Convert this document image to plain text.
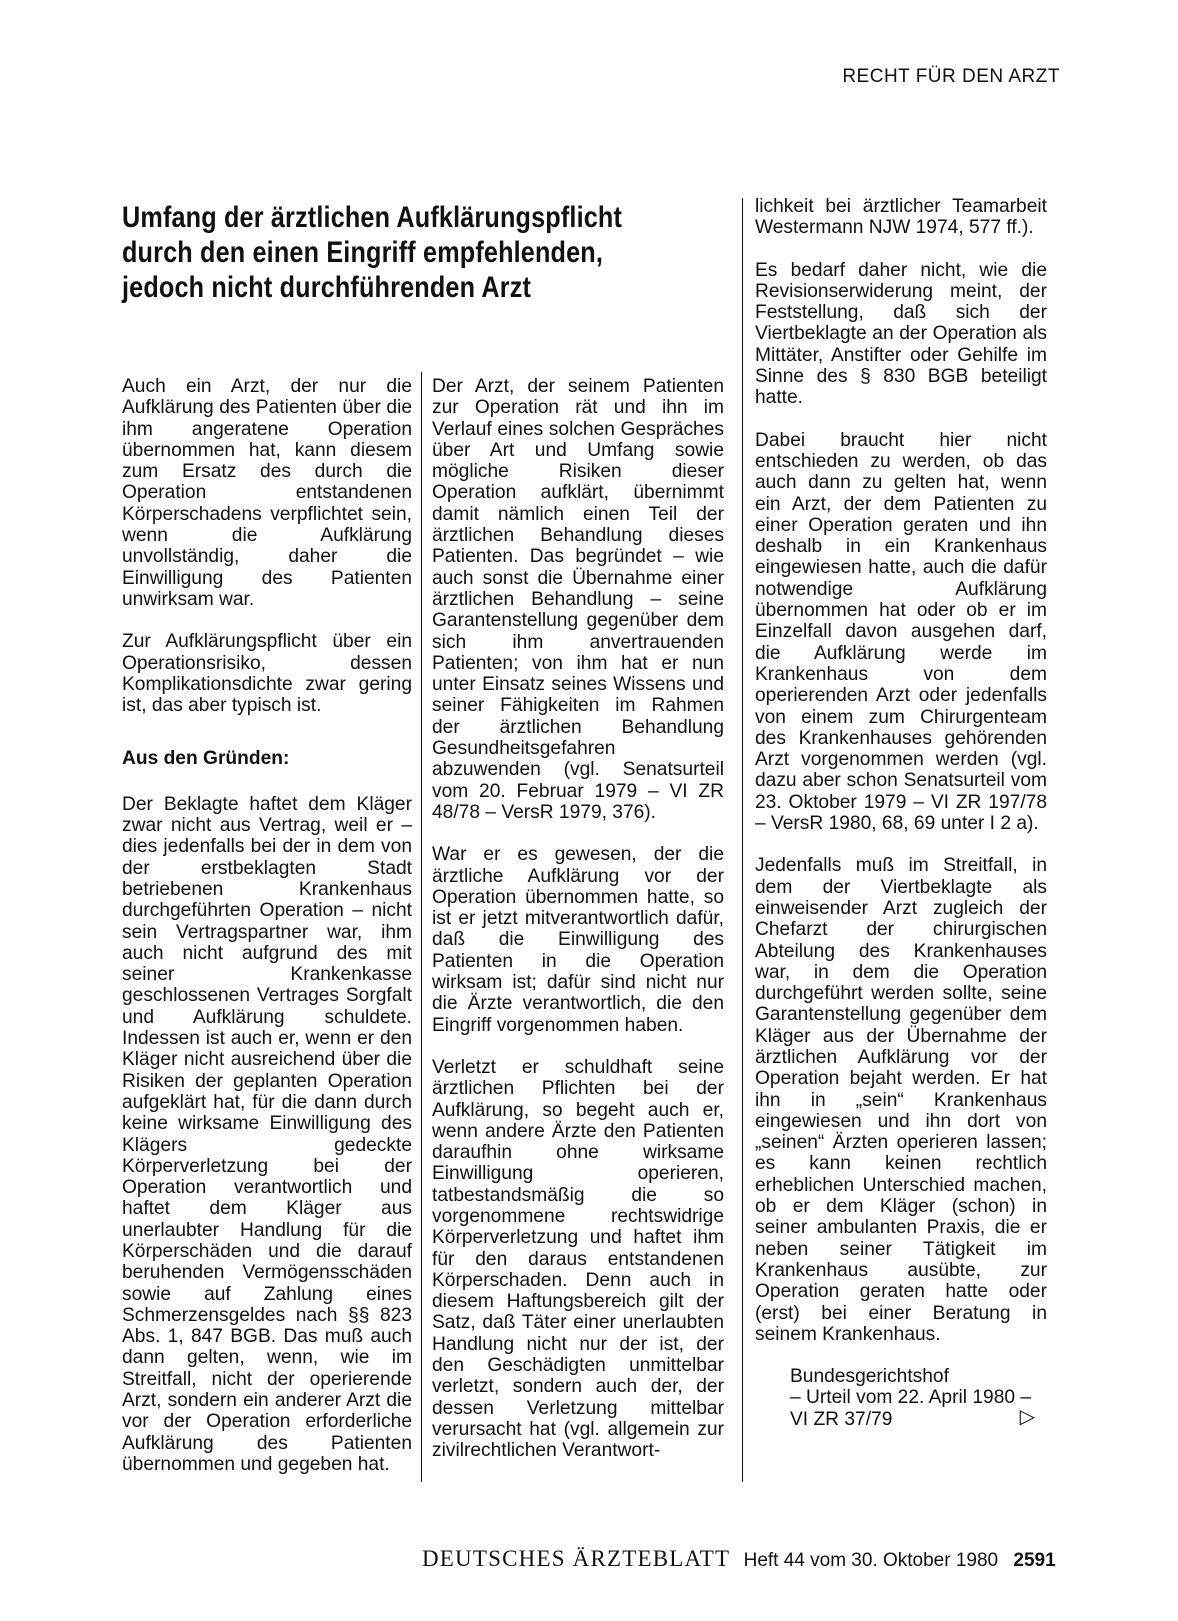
RECHT FÜR DEN ARZT
Umfang der ärztlichen Aufklärungspflicht
durch den einen Eingriff empfehlenden,
jedoch nicht durchführenden Arzt

Auch ein Arzt, der nur die Aufklärung des Patienten über die ihm angeratene Operation übernommen hat, kann diesem zum Ersatz des durch die Operation entstandenen Körperschadens verpflichtet sein, wenn die Aufklärung unvollständig, daher die Einwilligung des Patienten unwirksam war.

Zur Aufklärungspflicht über ein Operationsrisiko, dessen Komplikationsdichte zwar gering ist, das aber typisch ist.

Aus den Gründen:

Der Beklagte haftet dem Kläger zwar nicht aus Vertrag, weil er – dies jedenfalls bei der in dem von der erstbeklagten Stadt betriebenen Krankenhaus durchgeführten Operation – nicht sein Vertragspartner war, ihm auch nicht aufgrund des mit seiner Krankenkasse geschlossenen Vertrages Sorgfalt und Aufklärung schuldete. Indessen ist auch er, wenn er den Kläger nicht ausreichend über die Risiken der geplanten Operation aufgeklärt hat, für die dann durch keine wirksame Einwilligung des Klägers gedeckte Körperverletzung bei der Operation verantwortlich und haftet dem Kläger aus unerlaubter Handlung für die Körperschäden und die darauf beruhenden Vermögensschäden sowie auf Zahlung eines Schmerzensgeldes nach §§ 823 Abs. 1, 847 BGB. Das muß auch dann gelten, wenn, wie im Streitfall, nicht der operierende Arzt, sondern ein anderer Arzt die vor der Operation erforderliche Aufklärung des Patienten übernommen und gegeben hat.

Der Arzt, der seinem Patienten zur Operation rät und ihn im Verlauf eines solchen Gespräches über Art und Umfang sowie mögliche Risiken dieser Operation aufklärt, übernimmt damit nämlich einen Teil der ärztlichen Behandlung dieses Patienten. Das begründet – wie auch sonst die Übernahme einer ärztlichen Behandlung – seine Garantenstellung gegenüber dem sich ihm anvertrauenden Patienten; von ihm hat er nun unter Einsatz seines Wissens und seiner Fähigkeiten im Rahmen der ärztlichen Behandlung Gesundheitsgefahren abzuwenden (vgl. Senatsurteil vom 20. Februar 1979 – VI ZR 48/78 – VersR 1979, 376).

War er es gewesen, der die ärztliche Aufklärung vor der Operation übernommen hatte, so ist er jetzt mitverantwortlich dafür, daß die Einwilligung des Patienten in die Operation wirksam ist; dafür sind nicht nur die Ärzte verantwortlich, die den Eingriff vorgenommen haben.

Verletzt er schuldhaft seine ärztlichen Pflichten bei der Aufklärung, so begeht auch er, wenn andere Ärzte den Patienten daraufhin ohne wirksame Einwilligung operieren, tatbestandsmäßig die so vorgenommene rechtswidrige Körperverletzung und haftet ihm für den daraus entstandenen Körperschaden. Denn auch in diesem Haftungsbereich gilt der Satz, daß Täter einer unerlaubten Handlung nicht nur der ist, der den Geschädigten unmittelbar verletzt, sondern auch der, der dessen Verletzung mittelbar verursacht hat (vgl. allgemein zur zivilrechtlichen Verantwort-

lichkeit bei ärztlicher Teamarbeit Westermann NJW 1974, 577 ff.).

Es bedarf daher nicht, wie die Revisionserwiderung meint, der Feststellung, daß sich der Viertbeklagte an der Operation als Mittäter, Anstifter oder Gehilfe im Sinne des § 830 BGB beteiligt hatte.

Dabei braucht hier nicht entschieden zu werden, ob das auch dann zu gelten hat, wenn ein Arzt, der dem Patienten zu einer Operation geraten und ihn deshalb in ein Krankenhaus eingewiesen hatte, auch die dafür notwendige Aufklärung übernommen hat oder ob er im Einzelfall davon ausgehen darf, die Aufklärung werde im Krankenhaus von dem operierenden Arzt oder jedenfalls von einem zum Chirurgenteam des Krankenhauses gehörenden Arzt vorgenommen werden (vgl. dazu aber schon Senatsurteil vom 23. Oktober 1979 – VI ZR 197/78 – VersR 1980, 68, 69 unter I 2 a).

Jedenfalls muß im Streitfall, in dem der Viertbeklagte als einweisender Arzt zugleich der Chefarzt der chirurgischen Abteilung des Krankenhauses war, in dem die Operation durchgeführt werden sollte, seine Garantenstellung gegenüber dem Kläger aus der Übernahme der ärztlichen Aufklärung vor der Operation bejaht werden. Er hat ihn in „sein“ Krankenhaus eingewiesen und ihn dort von „seinen“ Ärzten operieren lassen; es kann keinen rechtlich erheblichen Unterschied machen, ob er dem Kläger (schon) in seiner ambulanten Praxis, die er neben seiner Tätigkeit im Krankenhaus ausübte, zur Operation geraten hatte oder (erst) bei einer Beratung in seinem Krankenhaus.

Bundesgerichtshof
– Urteil vom 22. April 1980 –
VI ZR 37/79	▷
DEUTSCHES ÄRZTEBLATT Heft 44 vom 30. Oktober 1980 2591
